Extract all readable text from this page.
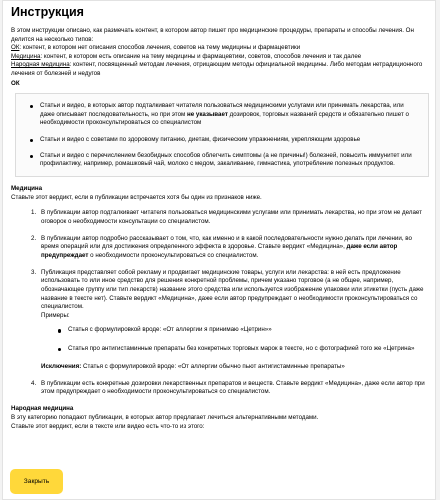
Инструкция

В этом инструкции описано, как размечать контент, в котором автор пишет про медицинские процедуры, препараты и способы лечения. Он делится на несколько типов:

ОК: контент, в котором нет описания способов лечения, советов на тему медицины и фармацевтики

Медицина: контент, в котором есть описание на тему медицины и фармацевтики, советов, способов лечения и так далее

Народная медицина: контент, посвященный методам лечения, отрицающим методы официальной медицины. Либо методам нетрадиционного лечения от болезней и недугов

ОК

Статьи и видео, в которых автор подталкивает читателя пользоваться медицинскими услугами или принимать лекарства, или даже описывает последовательность, но при этом не указывает дозировок, торговых названий средств и обязательно пишет о необходимости проконсультироваться со специалистом
Статьи и видео с советами по здоровому питанию, диетам, физическим упражнениям, укрепляющим здоровье
Статьи и видео с перечислением безобидных способов облегчить симптомы (а не причины!) болезней, повысить иммунитет или профилактику, например, ромашковый чай, молоко с медом, закаливание, гимнастика, употребление полезных продуктов.

Медицина

Ставьте этот вердикт, если в публикации встречается хотя бы один из признаков ниже.

1. В публикации автор подталкивает читателя пользоваться медицинскими услугами или принимать лекарства, но при этом не делает оговорок о необходимости консультации со специалистом.
2. В публикации автор подробно рассказывает о том, что, как именно и в какой последовательности нужно делать при лечении, во время операций или для достижения определенного эффекта в здоровье. Ставьте вердикт «Медицина», даже если автор предупреждает о необходимости проконсультироваться со специалистом.
3. Публикация представляет собой рекламу и продвигает медицинские товары, услуги или лекарства: в ней есть предложение использовать то или иное средство для решения конкретной проблемы, причем указано торговое (а не общее, например, обозначающее группу или тип лекарств) название этого средства или используется изображение упаковки или этикетки (пусть даже название в тексте нет). Ставьте вердикт «Медицина», даже если автор предупреждает о необходимости проконсультироваться со специалистом.

Примеры:

Статья с формулировкой вроде: «От аллергии я принимаю «Цетрин»»
Статья про антигистаминные препараты без конкретных торговых марок в тексте, но с фотографией того же «Цетрина»

Исключения: Статья с формулировкой вроде: «От аллергии обычно пьют антигистаминные препараты»

4. В публикации есть конкретные дозировки лекарственных препаратов и веществ. Ставьте вердикт «Медицина», даже если автор при этом предупреждает о необходимости проконсультироваться со специалистом.

Народная медицина

В эту категорию попадают публикации, в которых автор предлагает лечиться альтернативными методами.

Ставьте этот вердикт, если в тексте или видео есть что-то из этого:

Закрыть
